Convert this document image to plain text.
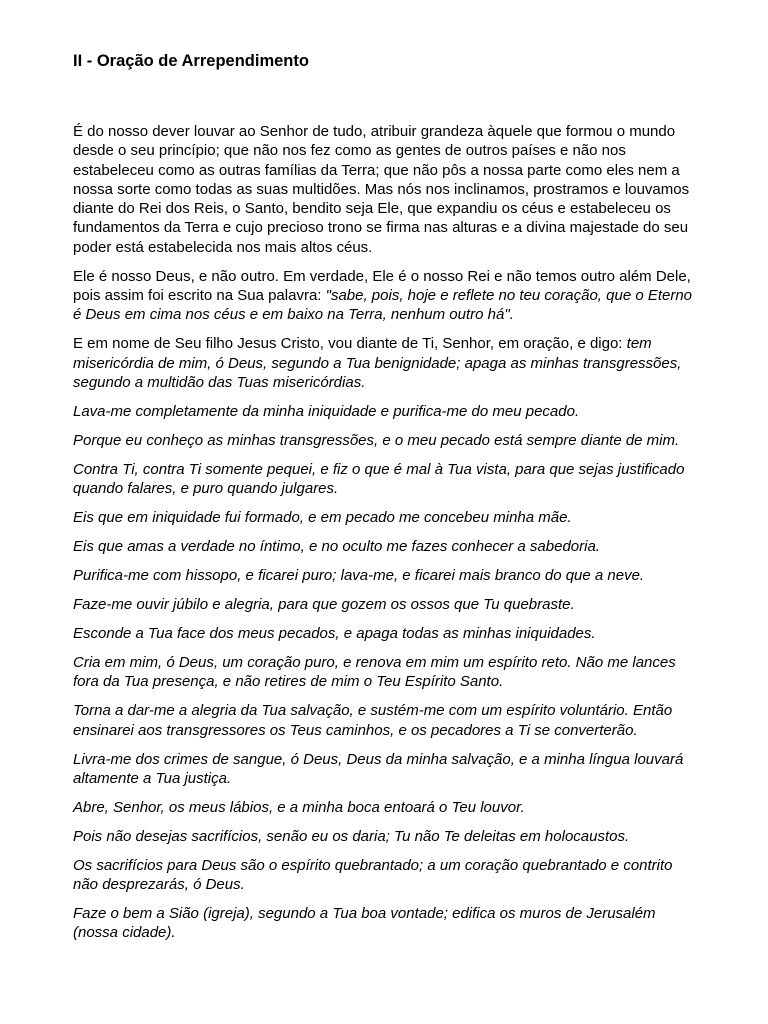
II - Oração de Arrependimento

É do nosso dever louvar ao Senhor de tudo, atribuir grandeza àquele que formou o mundo desde o seu princípio; que não nos fez como as gentes de outros países e não nos estabeleceu como as outras famílias da Terra; que não pôs a nossa parte como eles nem a nossa sorte como todas as suas multidões. Mas nós nos inclinamos, prostramos e louvamos diante do Rei dos Reis, o Santo, bendito seja Ele, que expandiu os céus e estabeleceu os fundamentos da Terra e cujo precioso trono se firma nas alturas e a divina majestade do seu poder está estabelecida nos mais altos céus.

Ele é nosso Deus, e não outro. Em verdade, Ele é o nosso Rei e não temos outro além Dele, pois assim foi escrito na Sua palavra: "sabe, pois, hoje e reflete no teu coração, que o Eterno é Deus em cima nos céus e em baixo na Terra, nenhum outro há".

E em nome de Seu filho Jesus Cristo, vou diante de Ti, Senhor, em oração, e digo: tem misericórdia de mim, ó Deus, segundo a Tua benignidade; apaga as minhas transgressões, segundo a multidão das Tuas misericórdias.

Lava-me completamente da minha iniquidade e purifica-me do meu pecado.

Porque eu conheço as minhas transgressões, e o meu pecado está sempre diante de mim.

Contra Ti, contra Ti somente pequei, e fiz o que é mal à Tua vista, para que sejas justificado quando falares, e puro quando julgares.

Eis que em iniquidade fui formado, e em pecado me concebeu minha mãe.

Eis que amas a verdade no íntimo, e no oculto me fazes conhecer a sabedoria.

Purifica-me com hissopo, e ficarei puro; lava-me, e ficarei mais branco do que a neve.

Faze-me ouvir júbilo e alegria, para que gozem os ossos que Tu quebraste.

Esconde a Tua face dos meus pecados, e apaga todas as minhas iniquidades.

Cria em mim, ó Deus, um coração puro, e renova em mim um espírito reto. Não me lances fora da Tua presença, e não retires de mim o Teu Espírito Santo.

Torna a dar-me a alegria da Tua salvação, e sustém-me com um espírito voluntário. Então ensinarei aos transgressores os Teus caminhos, e os pecadores a Ti se converterão.

Livra-me dos crimes de sangue, ó Deus, Deus da minha salvação, e a minha língua louvará altamente a Tua justiça.

Abre, Senhor, os meus lábios, e a minha boca entoará o Teu louvor.

Pois não desejas sacrifícios, senão eu os daria; Tu não Te deleitas em holocaustos.

Os sacrifícios para Deus são o espírito quebrantado; a um coração quebrantado e contrito não desprezarás, ó Deus.

Faze o bem a Sião (igreja), segundo a Tua boa vontade; edifica os muros de Jerusalém (nossa cidade).
